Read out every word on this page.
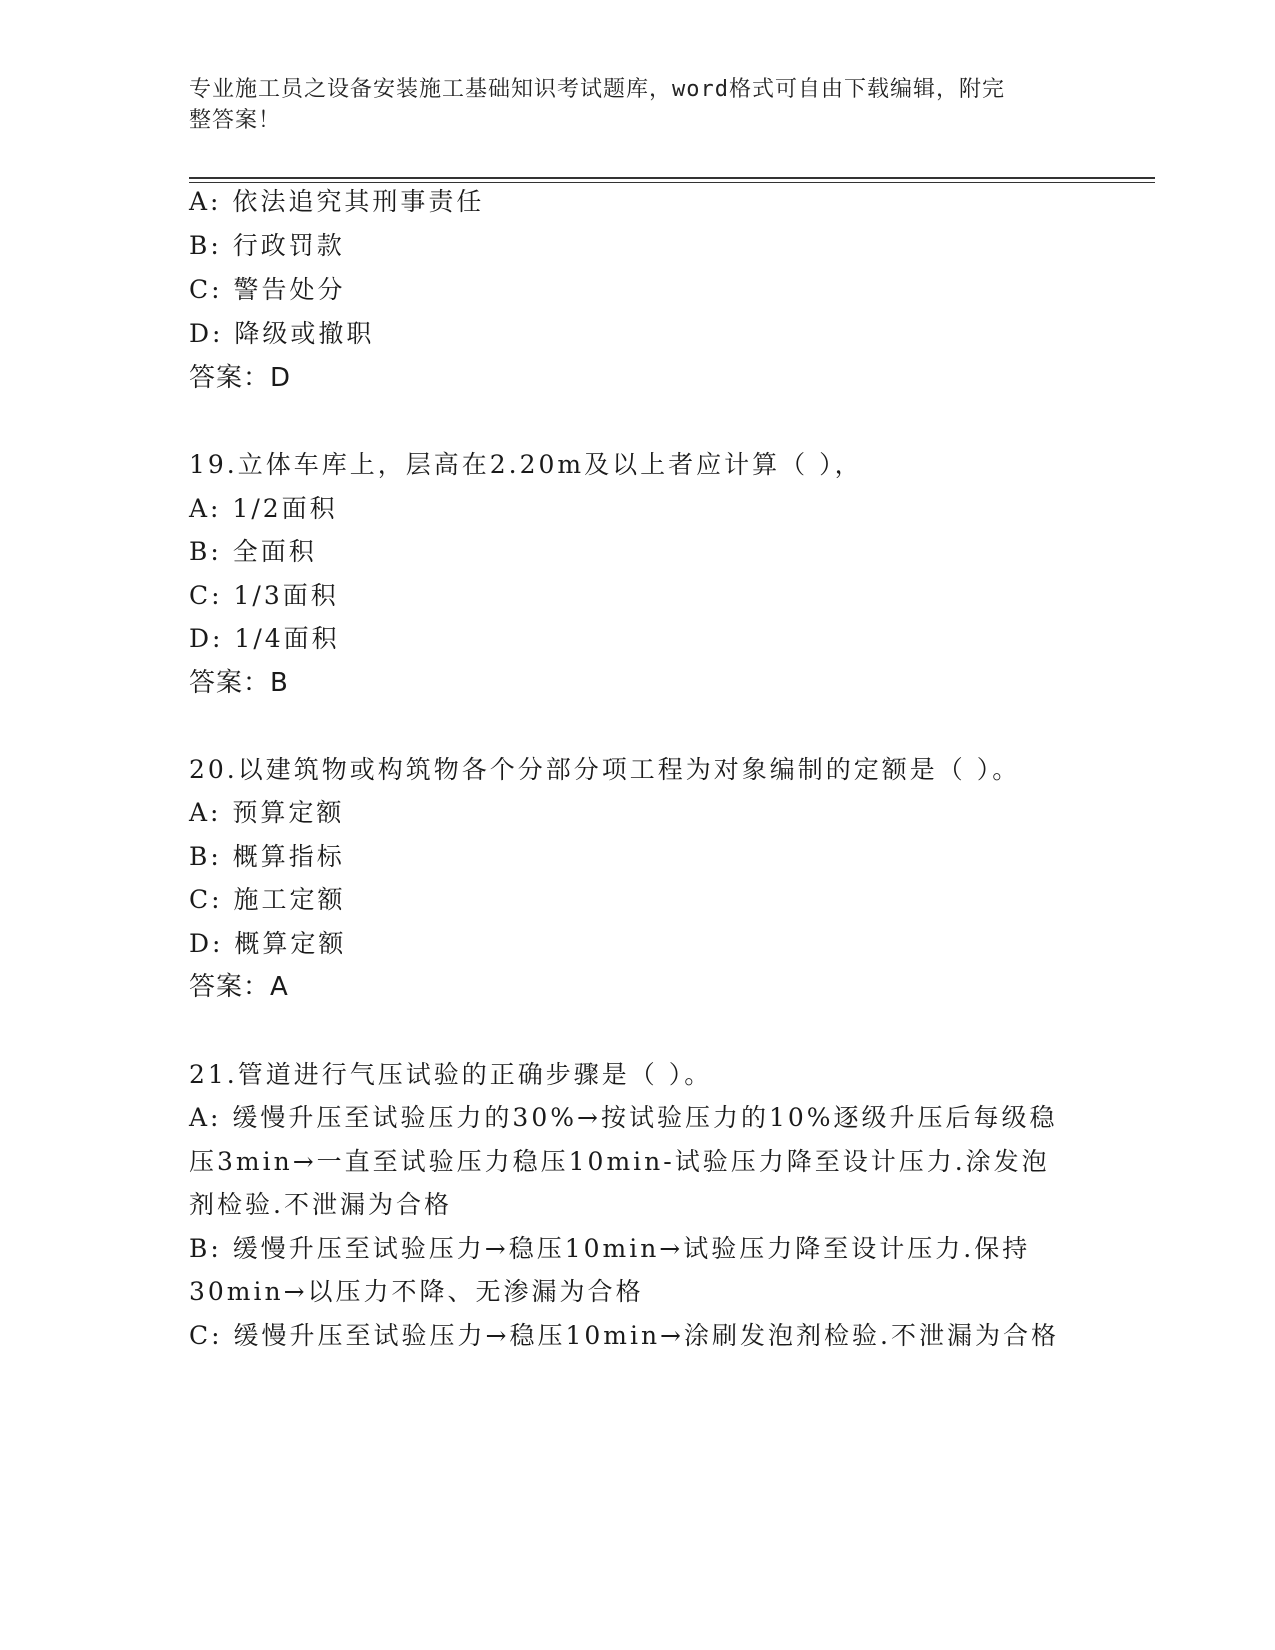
专业施工员之设备安装施工基础知识考试题库，word格式可自由下载编辑，附完
整答案！
A: 依法追究其刑事责任
B: 行政罚款
C: 警告处分
D: 降级或撤职
答案：D
19.立体车库上，层高在2.20m及以上者应计算（ ），
A: 1/2面积
B: 全面积
C: 1/3面积
D: 1/4面积
答案：B
20.以建筑物或构筑物各个分部分项工程为对象编制的定额是（ ）。
A: 预算定额
B: 概算指标
C: 施工定额
D: 概算定额
答案：A
21.管道进行气压试验的正确步骤是（ ）。
A: 缓慢升压至试验压力的30%→按试验压力的10%逐级升压后每级稳
压3min→一直至试验压力稳压10min-试验压力降至设计压力.涂发泡
剂检验.不泄漏为合格
B: 缓慢升压至试验压力→稳压10min→试验压力降至设计压力.保持
30min→以压力不降、无渗漏为合格
C: 缓慢升压至试验压力→稳压10min→涂刷发泡剂检验.不泄漏为合格
